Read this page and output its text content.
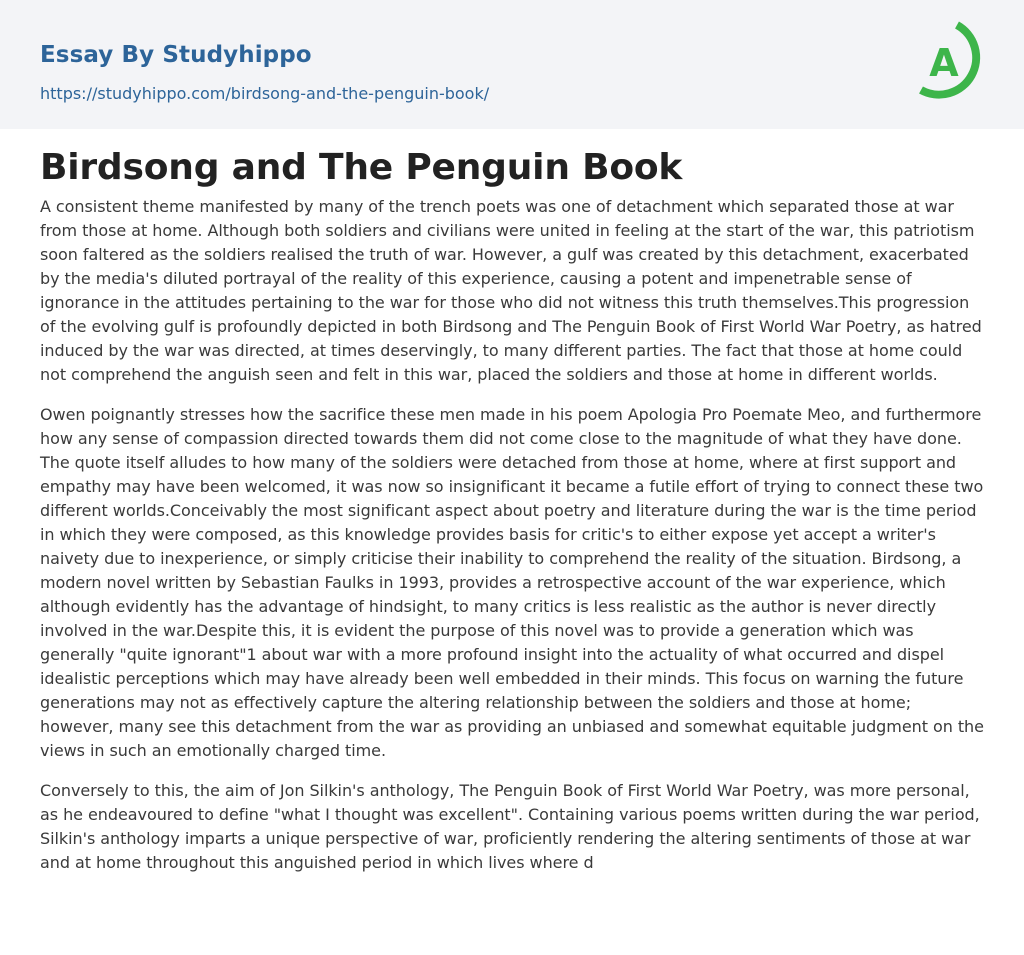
Essay By Studyhippo
https://studyhippo.com/birdsong-and-the-penguin-book/
A
Birdsong and The Penguin Book

A consistent theme manifested by many of the trench poets was one of detachment which separated those at war from those at home. Although both soldiers and civilians were united in feeling at the start of the war, this patriotism soon faltered as the soldiers realised the truth of war. However, a gulf was created by this detachment, exacerbated by the media's diluted portrayal of the reality of this experience, causing a potent and impenetrable sense of ignorance in the attitudes pertaining to the war for those who did not witness this truth themselves.This progression of the evolving gulf is profoundly depicted in both Birdsong and The Penguin Book of First World War Poetry, as hatred induced by the war was directed, at times deservingly, to many different parties. The fact that those at home could not comprehend the anguish seen and felt in this war, placed the soldiers and those at home in different worlds.

Owen poignantly stresses how the sacrifice these men made in his poem Apologia Pro Poemate Meo, and furthermore how any sense of compassion directed towards them did not come close to the magnitude of what they have done. The quote itself alludes to how many of the soldiers were detached from those at home, where at first support and empathy may have been welcomed, it was now so insignificant it became a futile effort of trying to connect these two different worlds.Conceivably the most significant aspect about poetry and literature during the war is the time period in which they were composed, as this knowledge provides basis for critic's to either expose yet accept a writer's naivety due to inexperience, or simply criticise their inability to comprehend the reality of the situation. Birdsong, a modern novel written by Sebastian Faulks in 1993, provides a retrospective account of the war experience, which although evidently has the advantage of hindsight, to many critics is less realistic as the author is never directly involved in the war.Despite this, it is evident the purpose of this novel was to provide a generation which was generally "quite ignorant"1 about war with a more profound insight into the actuality of what occurred and dispel idealistic perceptions which may have already been well embedded in their minds. This focus on warning the future generations may not as effectively capture the altering relationship between the soldiers and those at home; however, many see this detachment from the war as providing an unbiased and somewhat equitable judgment on the views in such an emotionally charged time.

Conversely to this, the aim of Jon Silkin's anthology, The Penguin Book of First World War Poetry, was more personal, as he endeavoured to define "what I thought was excellent". Containing various poems written during the war period, Silkin's anthology imparts a unique perspective of war, proficiently rendering the altering sentiments of those at war and at home throughout this anguished period in which lives where d
